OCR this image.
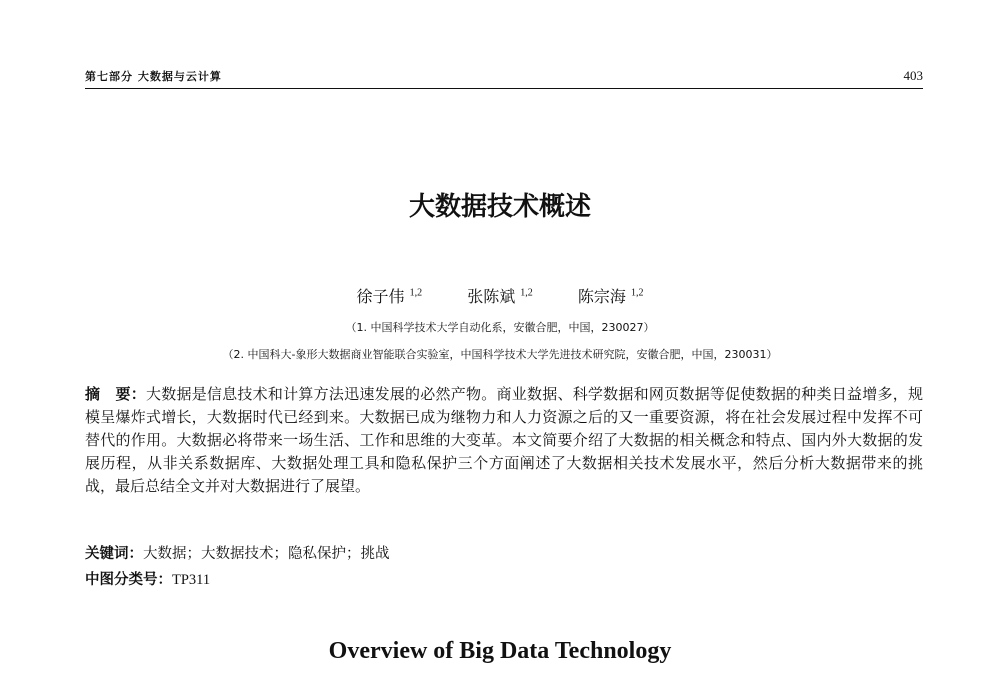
第七部分 大数据与云计算	403
大数据技术概述
徐子伟 $^{1,2}$	张陈斌 $^{1,2}$	陈宗海 $^{1,2}$
（1. 中国科学技术大学自动化系，安徽合肥，中国，230027）
（2. 中国科大-象形大数据商业智能联合实验室，中国科学技术大学先进技术研究院，安徽合肥，中国，230031）
摘　要：大数据是信息技术和计算方法迅速发展的必然产物。商业数据、科学数据和网页数据等促使数据的种类日益增多，规模呈爆炸式增长，大数据时代已经到来。大数据已成为继物力和人力资源之后的又一重要资源，将在社会发展过程中发挥不可替代的作用。大数据必将带来一场生活、工作和思维的大变革。本文简要介绍了大数据的相关概念和特点、国内外大数据的发展历程，从非关系数据库、大数据处理工具和隐私保护三个方面阐述了大数据相关技术发展水平，然后分析大数据带来的挑战，最后总结全文并对大数据进行了展望。
关键词：大数据；大数据技术；隐私保护；挑战
中图分类号：TP311
Overview of Big Data Technology
